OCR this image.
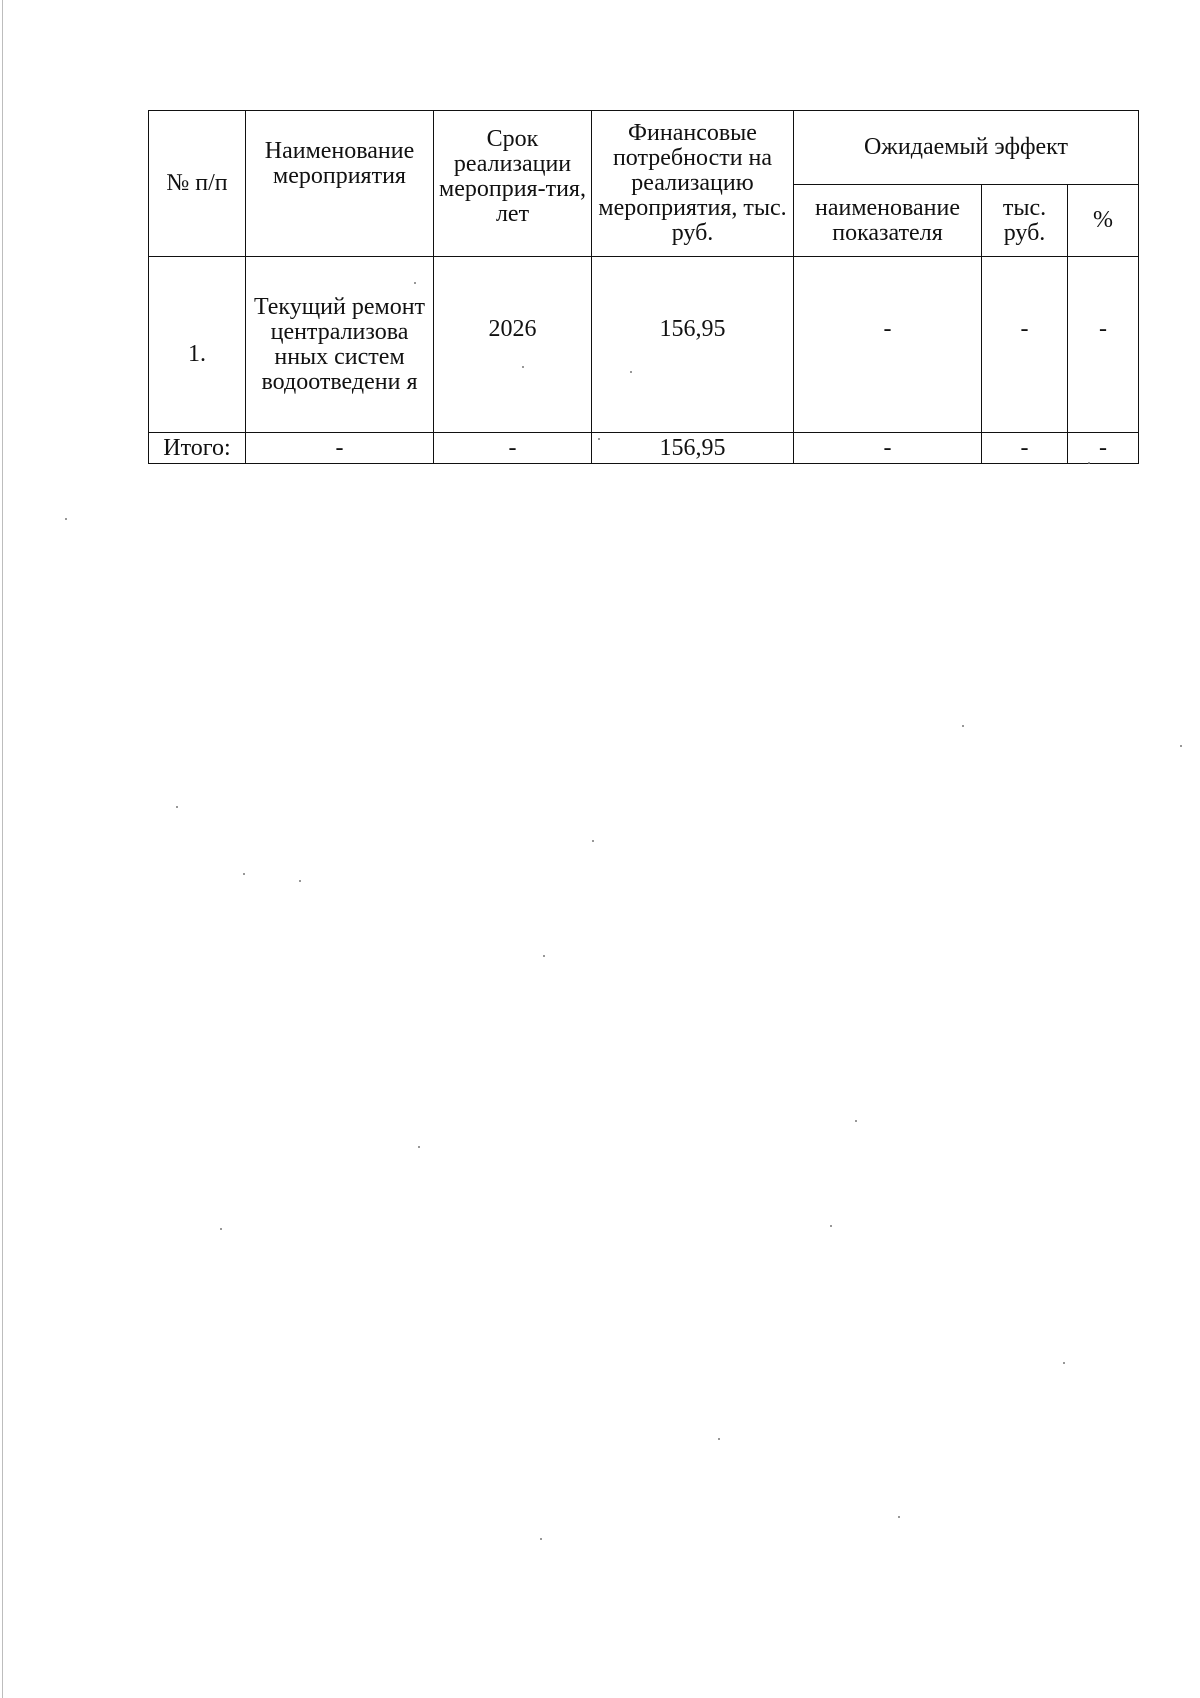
№ п/п	Наименование мероприятия	Срок реализации мероприя-тия, лет	Финансовые потребности на реализацию мероприятия, тыс. руб.	Ожидаемый эффект		
				наименование показателя	тыс. руб.	%
1.	Текущий ремонт централизова нных систем водоотведени я	2026	156,95	-	-	-
Итого:	-	-	156,95	-	-	-
